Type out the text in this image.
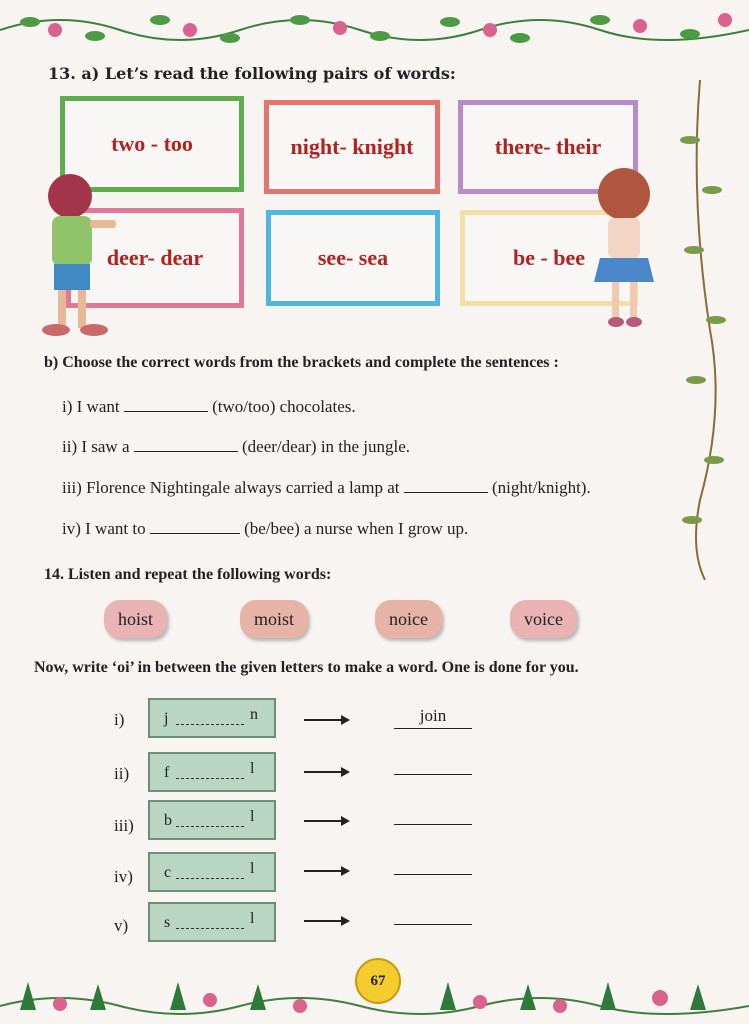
13. a) Let’s read the following pairs of words:
two - too	night- knight	there- their
deer- dear	see- sea	be - bee
b) Choose the correct words from the brackets and complete the sentences :
i) I want	(two/too) chocolates.
ii) I saw a	(deer/dear) in the jungle.
iii) Florence Nightingale always carried a lamp at	(night/knight).
iv) I want to	(be/bee) a nurse when I grow up.
14. Listen and repeat the following words:
hoist	moist	noice	voice
Now, write ‘oi’ in between the given letters to make a word. One is done for you.
i) j	n	join
ii) f	l
iii) b	l
iv) c	l
v) s	l
67
